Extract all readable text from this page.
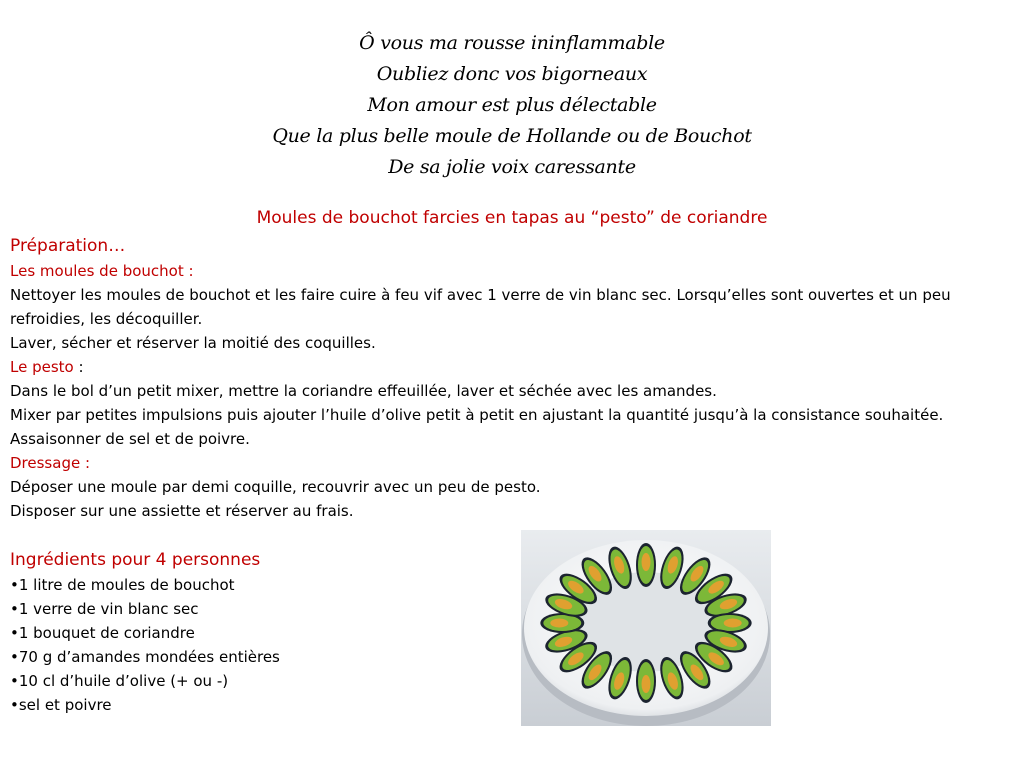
Ô vous ma rousse ininflammable
Oubliez donc vos bigorneaux
Mon amour est plus délectable
Que la plus belle moule de Hollande ou de Bouchot
De sa jolie voix caressante
Moules de bouchot farcies en tapas au “pesto” de coriandre
Préparation…
Les moules de bouchot :
Nettoyer les moules de bouchot et les faire cuire à feu vif avec 1 verre de vin blanc sec. Lorsqu’elles sont ouvertes et un peu refroidies, les décoquiller.
Laver, sécher et réserver la moitié des coquilles.
Le pesto :
Dans le bol d’un petit mixer, mettre la coriandre effeuillée, laver et séchée avec les amandes.
Mixer par petites impulsions puis ajouter l’huile d’olive petit à petit en ajustant la quantité jusqu’à la consistance souhaitée.
Assaisonner de sel et de poivre.
Dressage :
Déposer une moule par demi coquille, recouvrir avec un peu de pesto.
Disposer sur une assiette et réserver au frais.
Ingrédients pour 4 personnes
•1 litre de moules de bouchot
•1 verre de vin blanc sec
•1 bouquet de coriandre
•70 g d’amandes mondées entières
•10 cl d’huile d’olive (+ ou -)
•sel et poivre
